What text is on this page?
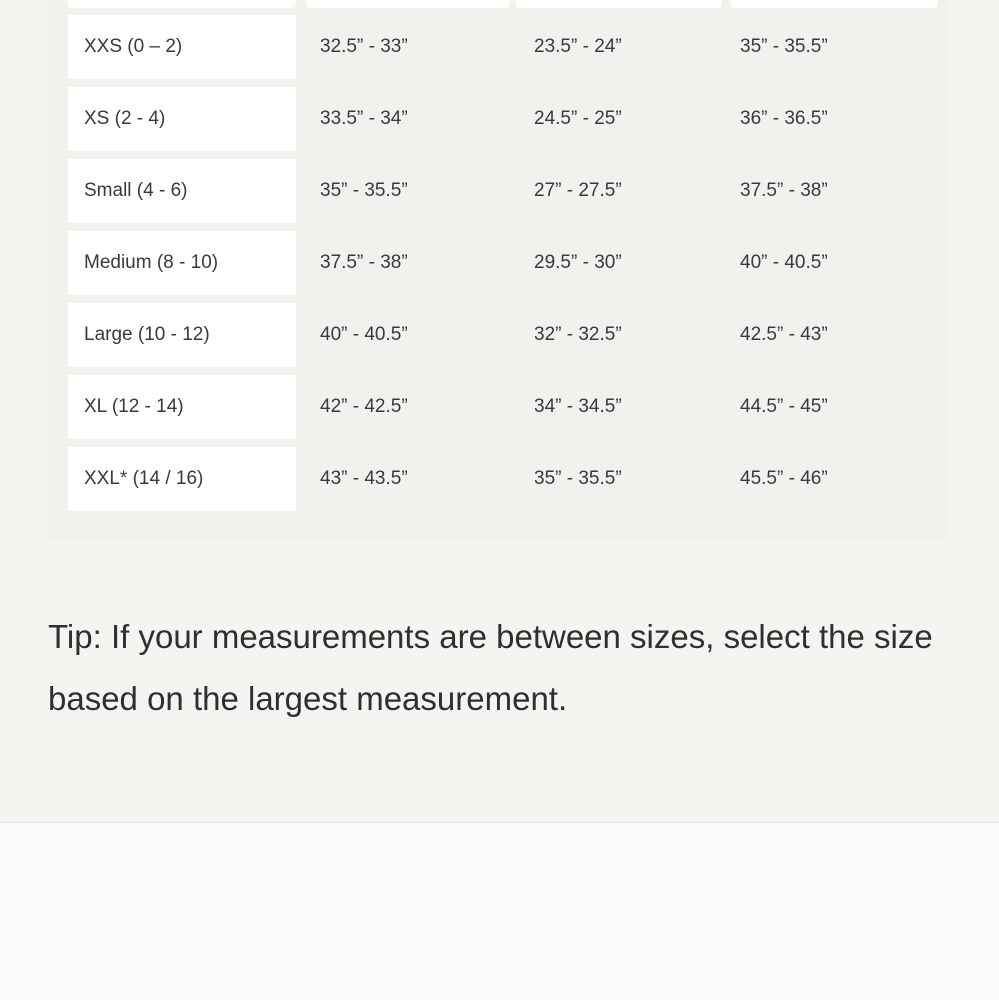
XXS (0 – 2)	32.5” - 33”	23.5” - 24”	35” - 35.5”
XS (2 - 4)	33.5” - 34”	24.5” - 25”	36” - 36.5”
Small (4 - 6)	35” - 35.5”	27” - 27.5”	37.5” - 38”
Medium (8 - 10)	37.5” - 38”	29.5” - 30”	40” - 40.5”
Large (10 - 12)	40” - 40.5”	32” - 32.5”	42.5” - 43”
XL (12 - 14)	42” - 42.5”	34” - 34.5”	44.5” - 45”
XXL* (14 / 16)	43” - 43.5”	35” - 35.5”	45.5” - 46”

Tip: If your measurements are between sizes, select the size based on the largest measurement.
